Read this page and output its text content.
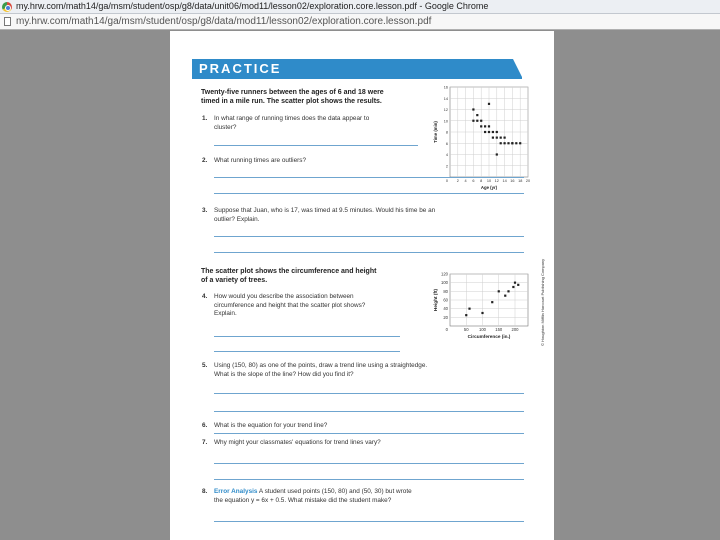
my.hrw.com/math14/ga/msm/student/osp/g8/data/unit06/mod11/lesson02/exploration.core.lesson.pdf - Google Chrome
my.hrw.com/math14/ga/msm/student/osp/g8/data/mod11/lesson02/exploration.core.lesson.pdf
PRACTICE
Twenty-five runners between the ages of 6 and 18 were
timed in a mile run. The scatter plot shows the results.
1. In what range of running times does the data appear to
cluster?
2 4 6 8 10 12 14 16 18 20
2
4
6
8
10
12
14
16
0
Age (yr)
Time (min)
2. What running times are outliers?
3. Suppose that Juan, who is 17, was timed at 9.5 minutes. Would his time be an
outlier? Explain.
The scatter plot shows the circumference and height
of a variety of trees.
4. How would you describe the association between
circumference and height that the scatter plot shows?
Explain.
50 100 150 200
20
40
60
80
100
120
0
Circumference (in.)
Height (ft)
5. Using (150, 80) as one of the points, draw a trend line using a straightedge.
What is the slope of the line? How did you find it?
6. What is the equation for your trend line?
7. Why might your classmates' equations for trend lines vary?
8. Error Analysis A student used points (150, 80) and (50, 30) but wrote
the equation y = 6x + 0.5. What mistake did the student make?
© Houghton Mifflin Harcourt Publishing Company
